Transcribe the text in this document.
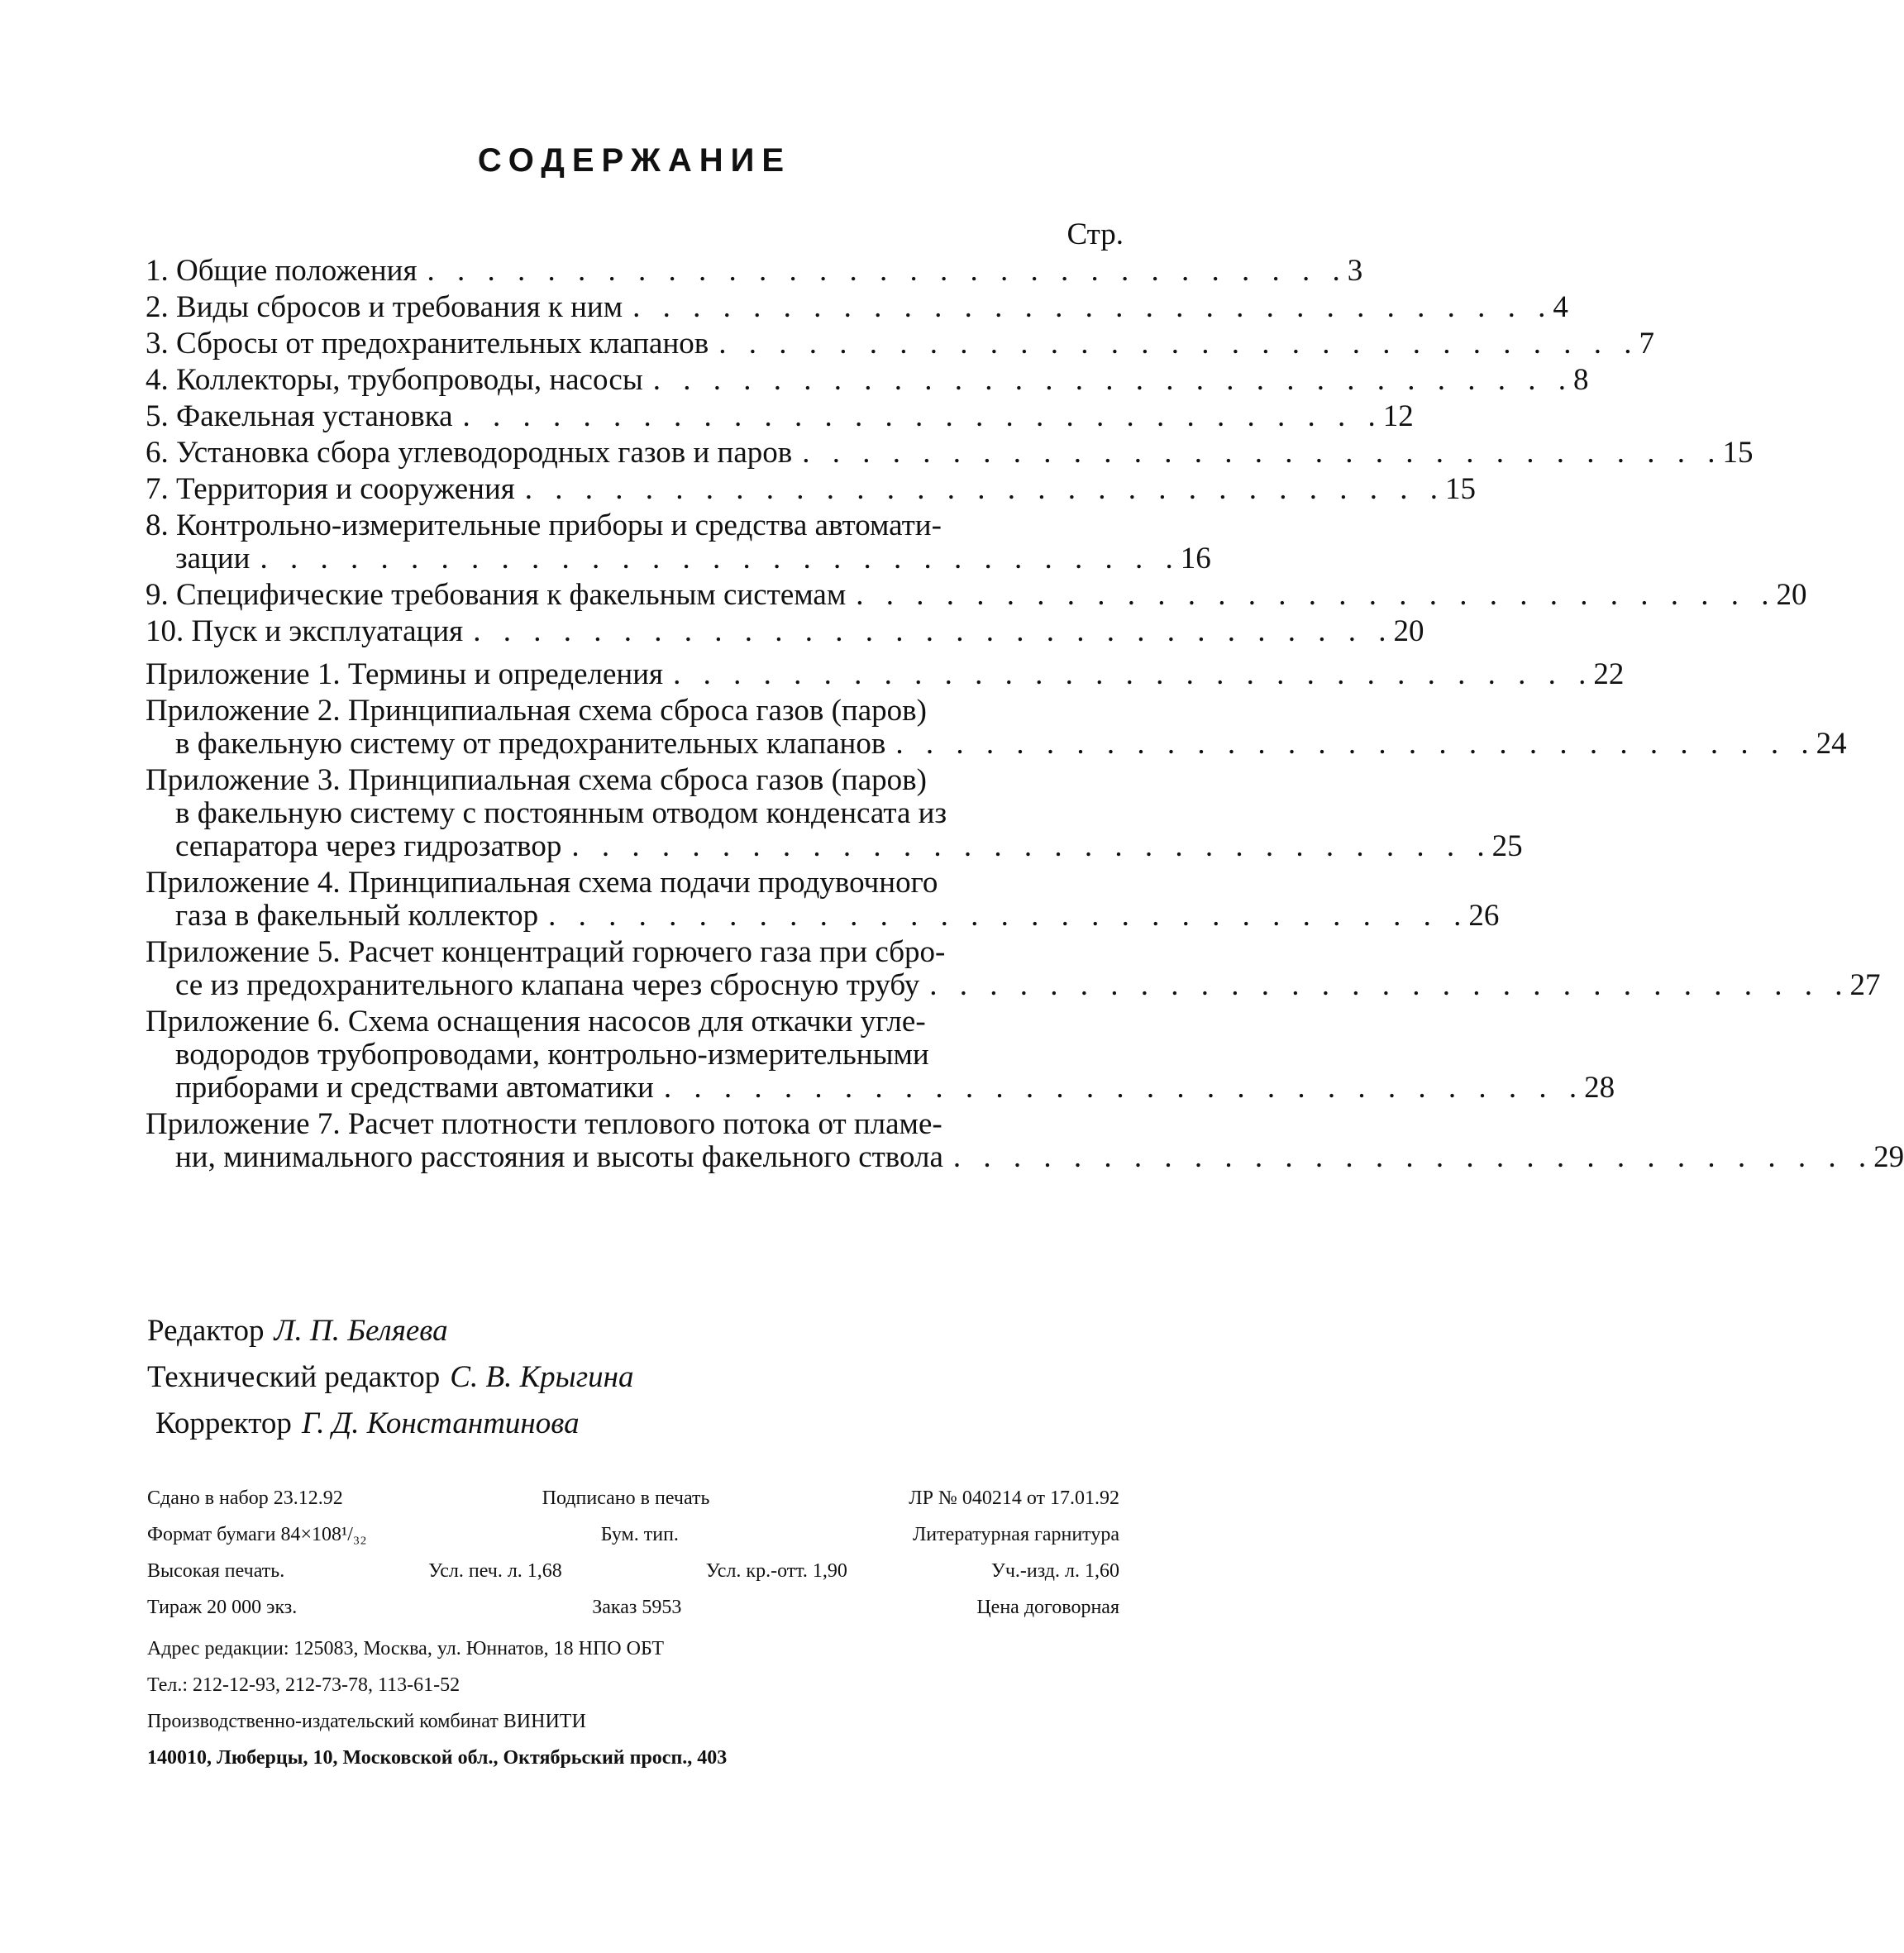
СОДЕРЖАНИЕ
Стр.
1. Общие положения . . . . . . . . . . . . . . . . . . . . . . . . . . . . . . . 3
2. Виды сбросов и требования к ним . . . . . . . . . . . . . . . . . . . . . . . . . . . . . . . 4
3. Сбросы от предохранительных клапанов . . . . . . . . . . . . . . . . . . . . . . . . . . . . . . . 7
4. Коллекторы, трубопроводы, насосы . . . . . . . . . . . . . . . . . . . . . . . . . . . . . . . 8
5. Факельная установка . . . . . . . . . . . . . . . . . . . . . . . . . . . . . . . 12
6. Установка сбора углеводородных газов и паров . . . . . . . . . . . . . . . . . . . . . . . . . . . . . . . 15
7. Территория и сооружения . . . . . . . . . . . . . . . . . . . . . . . . . . . . . . . 15
8. Контрольно-измерительные приборы и средства автомати-
зации . . . . . . . . . . . . . . . . . . . . . . . . . . . . . . . 16
9. Специфические требования к факельным системам . . . . . . . . . . . . . . . . . . . . . . . . . . . . . . . 20
10. Пуск и эксплуатация . . . . . . . . . . . . . . . . . . . . . . . . . . . . . . . 20
Приложение 1. Термины и определения . . . . . . . . . . . . . . . . . . . . . . . . . . . . . . . 22
Приложение 2. Принципиальная схема сброса газов (паров)
в факельную систему от предохранительных клапанов . . . . . . . . . . . . . . . . . . . . . . . . . . . . . . . 24
Приложение 3. Принципиальная схема сброса газов (паров)
в факельную систему с постоянным отводом конденсата из
сепаратора через гидрозатвор . . . . . . . . . . . . . . . . . . . . . . . . . . . . . . . 25
Приложение 4. Принципиальная схема подачи продувочного
газа в факельный коллектор . . . . . . . . . . . . . . . . . . . . . . . . . . . . . . . 26
Приложение 5. Расчет концентраций горючего газа при сбро-
се из предохранительного клапана через сбросную трубу . . . . . . . . . . . . . . . . . . . . . . . . . . . . . . . 27
Приложение 6. Схема оснащения насосов для откачки угле-
водородов трубопроводами, контрольно-измерительными
приборами и средствами автоматики . . . . . . . . . . . . . . . . . . . . . . . . . . . . . . . 28
Приложение 7. Расчет плотности теплового потока от пламе-
ни, минимального расстояния и высоты факельного ствола . . . . . . . . . . . . . . . . . . . . . . . . . . . . . . . 29
Редактор Л. П. Беляева
Технический редактор С. В. Крыгина
Корректор Г. Д. Константинова
Сдано в набор 23.12.92	Подписано в печать	ЛР № 040214 от 17.01.92
Формат бумаги 84×108¹/₃₂	Бум. тип.	Литературная гарнитура
Высокая печать.	Усл. печ. л. 1,68	Усл. кр.-отт. 1,90	Уч.-изд. л. 1,60
Тираж 20 000 экз.	Заказ 5953	Цена договорная
Адрес редакции: 125083, Москва, ул. Юннатов, 18 НПО ОБТ
Тел.: 212-12-93, 212-73-78, 113-61-52
Производственно-издательский комбинат ВИНИТИ
140010, Люберцы, 10, Московской обл., Октябрьский просп., 403
